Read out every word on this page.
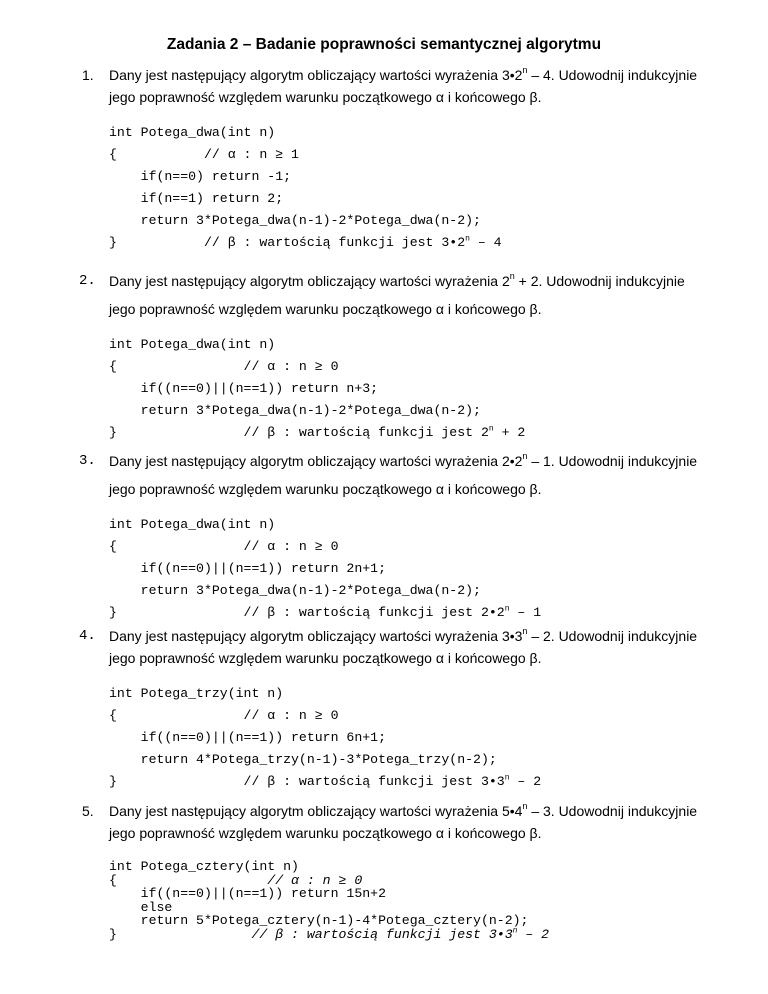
Zadania 2 – Badanie poprawności semantycznej algorytmu
1. Dany jest następujący algorytm obliczający wartości wyrażenia 3•2$^n$ – 4. Udowodnij indukcyjnie
jego poprawność względem warunku początkowego α i końcowego β.
int Potega_dwa(int n)
{           // α : n ≥ 1
if(n==0) return -1;
if(n==1) return 2;
return 3*Potega_dwa(n-1)-2*Potega_dwa(n-2);
}           // β : wartością funkcji jest 3•2$^n$ – 4
2. Dany jest następujący algorytm obliczający wartości wyrażenia $2^n + 2$. Udowodnij indukcyjnie
jego poprawność względem warunku początkowego α i końcowego β.
int Potega_dwa(int n)
{                // α : n ≥ 0
if((n==0)||(n==1)) return n+3;
return 3*Potega_dwa(n-1)-2*Potega_dwa(n-2);
}                // β : wartością funkcji jest $2^n + 2$
3. Dany jest następujący algorytm obliczający wartości wyrażenia 2•2$^n$ – 1. Udowodnij indukcyjnie
jego poprawność względem warunku początkowego α i końcowego β.
int Potega_dwa(int n)
{                // α : n ≥ 0
if((n==0)||(n==1)) return 2n+1;
return 3*Potega_dwa(n-1)-2*Potega_dwa(n-2);
}                // β : wartością funkcji jest 2•2$^n$ – 1
4. Dany jest następujący algorytm obliczający wartości wyrażenia 3•3$^n$ – 2. Udowodnij indukcyjnie
jego poprawność względem warunku początkowego α i końcowego β.
int Potega_trzy(int n)
{                // α : n ≥ 0
if((n==0)||(n==1)) return 6n+1;
return 4*Potega_trzy(n-1)-3*Potega_trzy(n-2);
}                // β : wartością funkcji jest 3•3$^n$ – 2
5. Dany jest następujący algorytm obliczający wartości wyrażenia 5•4$^n$ – 3. Udowodnij indukcyjnie
jego poprawność względem warunku początkowego α i końcowego β.
int Potega_cztery(int n)
{                   // α : n ≥ 0
if((n==0)||(n==1)) return 15n+2
else
return 5*Potega_cztery(n-1)-4*Potega_cztery(n-2);
}                 // β : wartością funkcji jest 3•3$^n$ – 2
